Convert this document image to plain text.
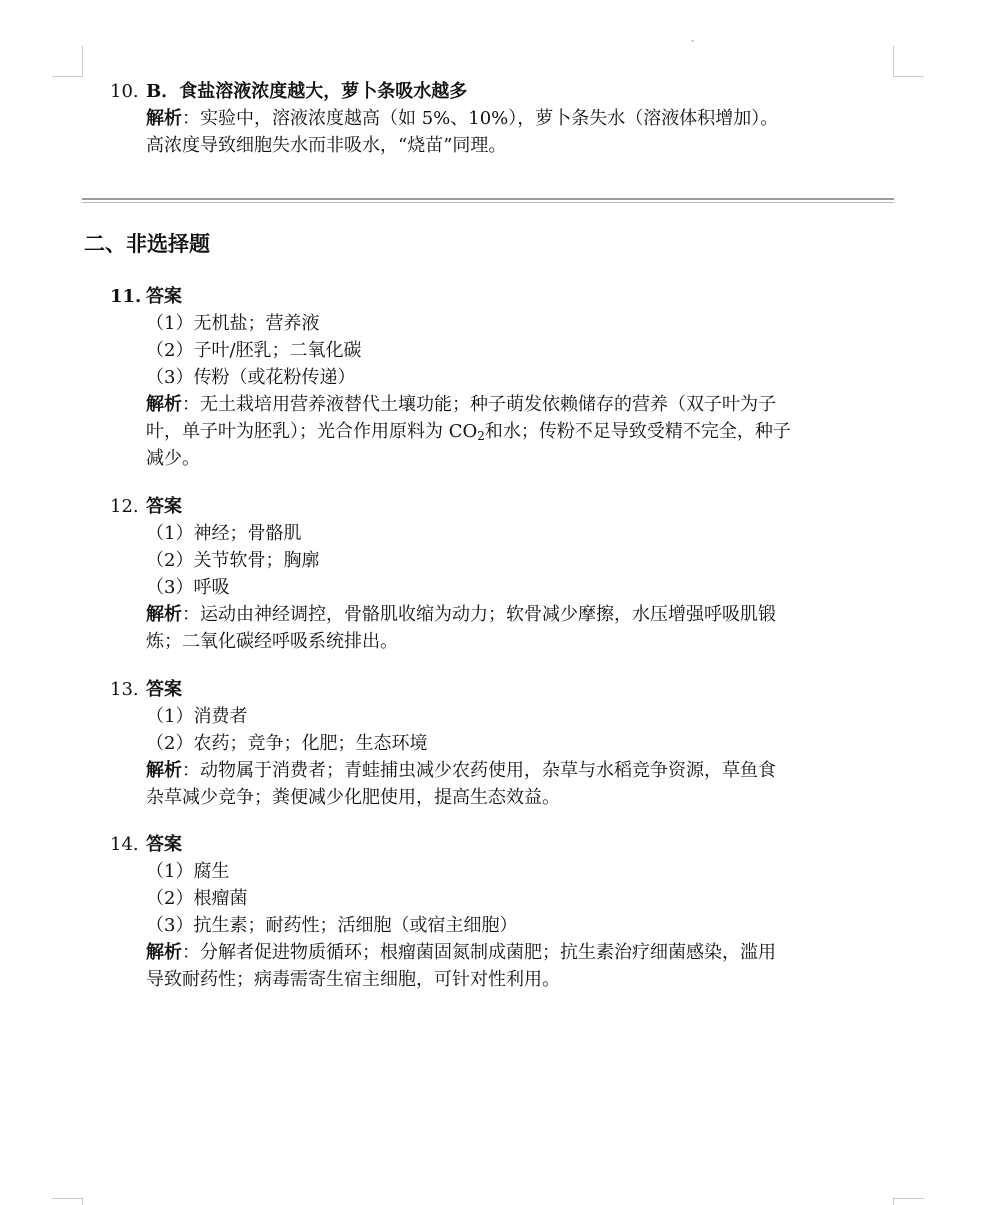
10. B．食盐溶液浓度越大，萝卜条吸水越多
解析：实验中，溶液浓度越高（如 5%、10%），萝卜条失水（溶液体积增加）。
高浓度导致细胞失水而非吸水，“烧苗”同理。
二、非选择题
11. 答案
（1）无机盐；营养液
（2）子叶/胚乳；二氧化碳
（3）传粉（或花粉传递）
解析：无土栽培用营养液替代土壤功能；种子萌发依赖储存的营养（双子叶为子
叶，单子叶为胚乳）；光合作用原料为 $CO_2$和水；传粉不足导致受精不完全，种子
减少。
12. 答案
（1）神经；骨骼肌
（2）关节软骨；胸廓
（3）呼吸
解析：运动由神经调控，骨骼肌收缩为动力；软骨减少摩擦，水压增强呼吸肌锻
炼；二氧化碳经呼吸系统排出。
13. 答案
（1）消费者
（2）农药；竞争；化肥；生态环境
解析：动物属于消费者；青蛙捕虫减少农药使用，杂草与水稻竞争资源，草鱼食
杂草减少竞争；粪便减少化肥使用，提高生态效益。
14. 答案
（1）腐生
（2）根瘤菌
（3）抗生素；耐药性；活细胞（或宿主细胞）
解析：分解者促进物质循环；根瘤菌固氮制成菌肥；抗生素治疗细菌感染，滥用
导致耐药性；病毒需寄生宿主细胞，可针对性利用。
